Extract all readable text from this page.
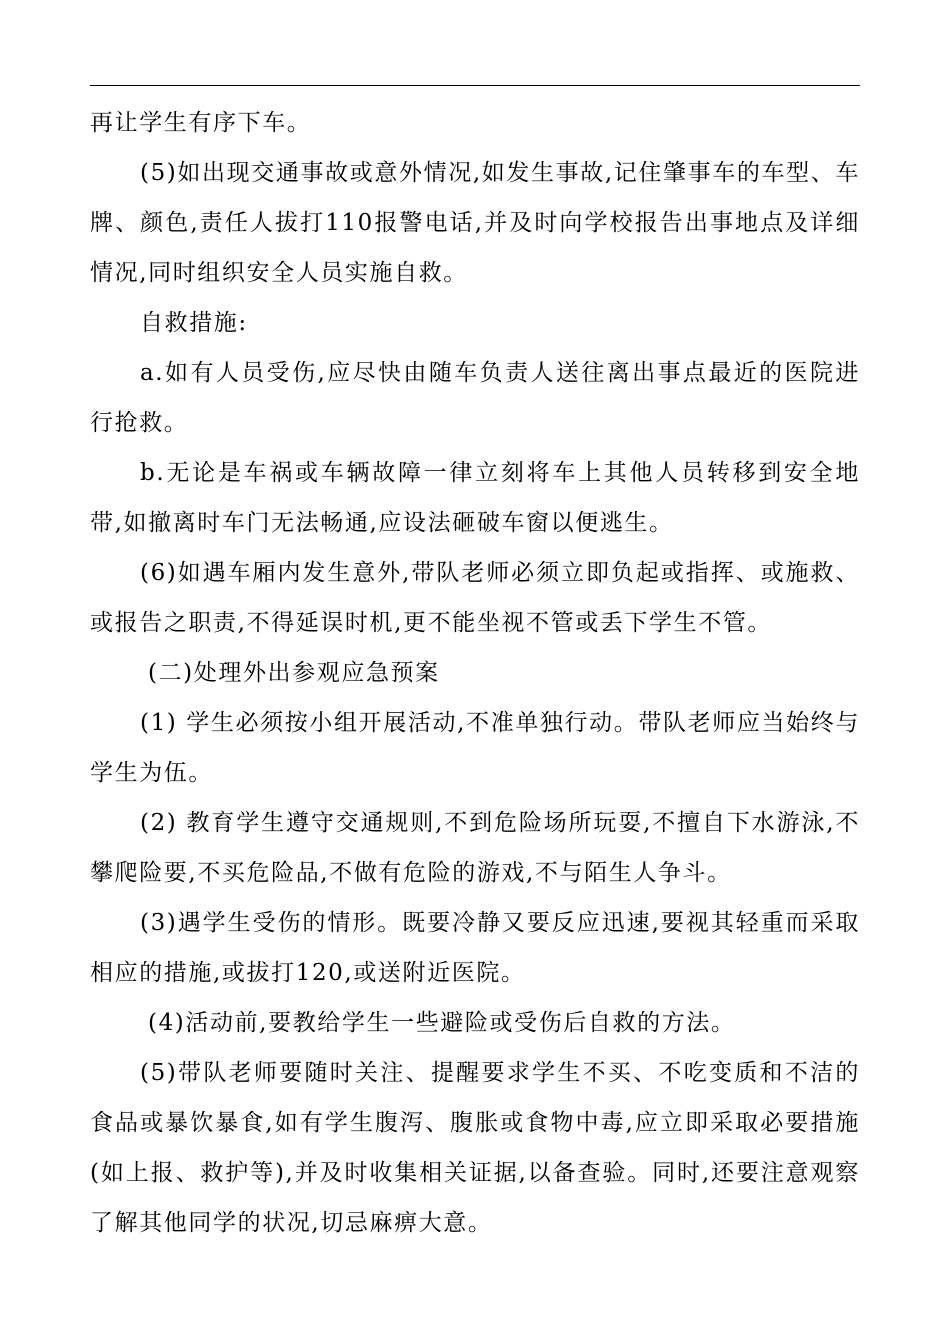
再让学生有序下车。

(5)如出现交通事故或意外情况,如发生事故,记住肇事车的车型、车牌、颜色,责任人拔打110报警电话,并及时向学校报告出事地点及详细情况,同时组织安全人员实施自救。

自救措施:

a.如有人员受伤,应尽快由随车负责人送往离出事点最近的医院进行抢救。

b.无论是车祸或车辆故障一律立刻将车上其他人员转移到安全地带,如撤离时车门无法畅通,应设法砸破车窗以便逃生。

(6)如遇车厢内发生意外,带队老师必须立即负起或指挥、或施救、或报告之职责,不得延误时机,更不能坐视不管或丢下学生不管。

(二)处理外出参观应急预案

(1) 学生必须按小组开展活动,不准单独行动。带队老师应当始终与学生为伍。

(2) 教育学生遵守交通规则,不到危险场所玩耍,不擅自下水游泳,不攀爬险要,不买危险品,不做有危险的游戏,不与陌生人争斗。

(3)遇学生受伤的情形。既要冷静又要反应迅速,要视其轻重而采取相应的措施,或拔打120,或送附近医院。

(4)活动前,要教给学生一些避险或受伤后自救的方法。

(5)带队老师要随时关注、提醒要求学生不买、不吃变质和不洁的食品或暴饮暴食,如有学生腹泻、腹胀或食物中毒,应立即采取必要措施(如上报、救护等),并及时收集相关证据,以备查验。同时,还要注意观察了解其他同学的状况,切忌麻痹大意。
